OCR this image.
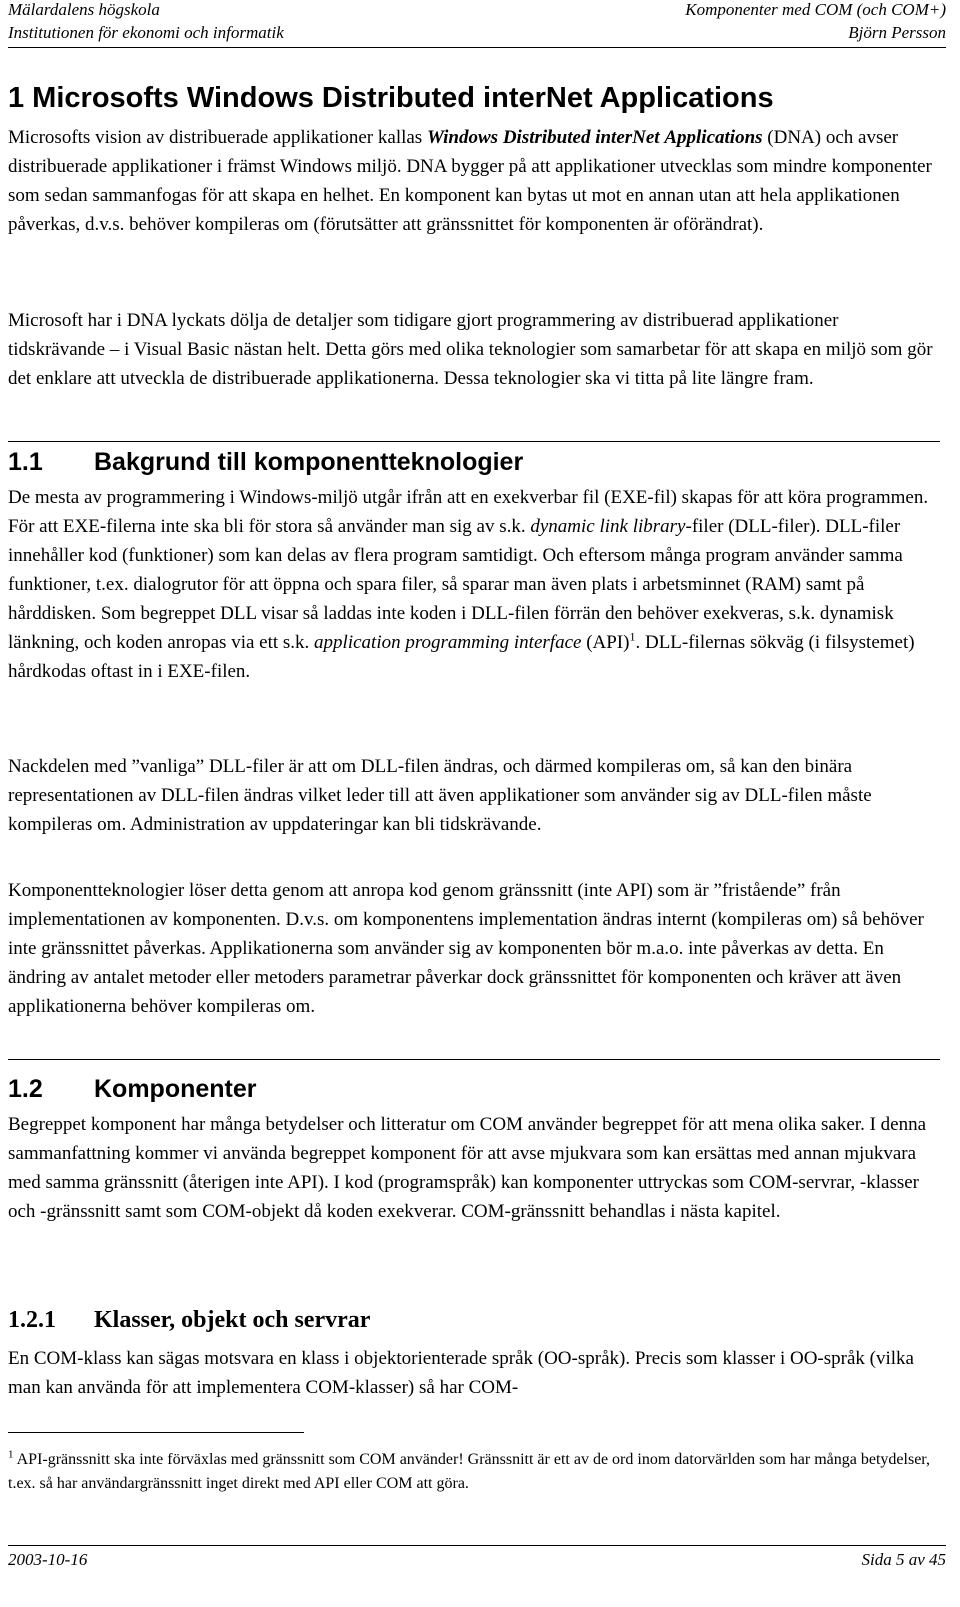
Mälardalens högskola
Institutionen för ekonomi och informatik
Komponenter med COM (och COM+)
Björn Persson
1 Microsofts Windows Distributed interNet Applications

Microsofts vision av distribuerade applikationer kallas Windows Distributed interNet Applications (DNA) och avser distribuerade applikationer i främst Windows miljö. DNA bygger på att applikationer utvecklas som mindre komponenter som sedan sammanfogas för att skapa en helhet. En komponent kan bytas ut mot en annan utan att hela applikationen påverkas, d.v.s. behöver kompileras om (förutsätter att gränssnittet för komponenten är oförändrat).

Microsoft har i DNA lyckats dölja de detaljer som tidigare gjort programmering av distribuerad applikationer tidskrävande – i Visual Basic nästan helt. Detta görs med olika teknologier som samarbetar för att skapa en miljö som gör det enklare att utveckla de distribuerade applikationerna. Dessa teknologier ska vi titta på lite längre fram.

1.1 Bakgrund till komponentteknologier

De mesta av programmering i Windows-miljö utgår ifrån att en exekverbar fil (EXE-fil) skapas för att köra programmen. För att EXE-filerna inte ska bli för stora så använder man sig av s.k. dynamic link library-filer (DLL-filer). DLL-filer innehåller kod (funktioner) som kan delas av flera program samtidigt. Och eftersom många program använder samma funktioner, t.ex. dialogrutor för att öppna och spara filer, så sparar man även plats i arbetsminnet (RAM) samt på hårddisken. Som begreppet DLL visar så laddas inte koden i DLL-filen förrän den behöver exekveras, s.k. dynamisk länkning, och koden anropas via ett s.k. application programming interface (API)$^1$. DLL-filernas sökväg (i filsystemet) hårdkodas oftast in i EXE-filen.

Nackdelen med ”vanliga” DLL-filer är att om DLL-filen ändras, och därmed kompileras om, så kan den binära representationen av DLL-filen ändras vilket leder till att även applikationer som använder sig av DLL-filen måste kompileras om. Administration av uppdateringar kan bli tidskrävande.

Komponentteknologier löser detta genom att anropa kod genom gränssnitt (inte API) som är ”fristående” från implementationen av komponenten. D.v.s. om komponentens implementation ändras internt (kompileras om) så behöver inte gränssnittet påverkas. Applikationerna som använder sig av komponenten bör m.a.o. inte påverkas av detta. En ändring av antalet metoder eller metoders parametrar påverkar dock gränssnittet för komponenten och kräver att även applikationerna behöver kompileras om.

1.2 Komponenter

Begreppet komponent har många betydelser och litteratur om COM använder begreppet för att mena olika saker. I denna sammanfattning kommer vi använda begreppet komponent för att avse mjukvara som kan ersättas med annan mjukvara med samma gränssnitt (återigen inte API). I kod (programspråk) kan komponenter uttryckas som COM-servrar, -klasser och -gränssnitt samt som COM-objekt då koden exekverar. COM-gränssnitt behandlas i nästa kapitel.

1.2.1 Klasser, objekt och servrar

En COM-klass kan sägas motsvara en klass i objektorienterade språk (OO-språk). Precis som klasser i OO-språk (vilka man kan använda för att implementera COM-klasser) så har COM-

$^1$ API-gränssnitt ska inte förväxlas med gränssnitt som COM använder! Gränssnitt är ett av de ord inom datorvärlden som har många betydelser, t.ex. så har användargränssnitt inget direkt med API eller COM att göra.

2003-10-16	Sida 5 av 45
